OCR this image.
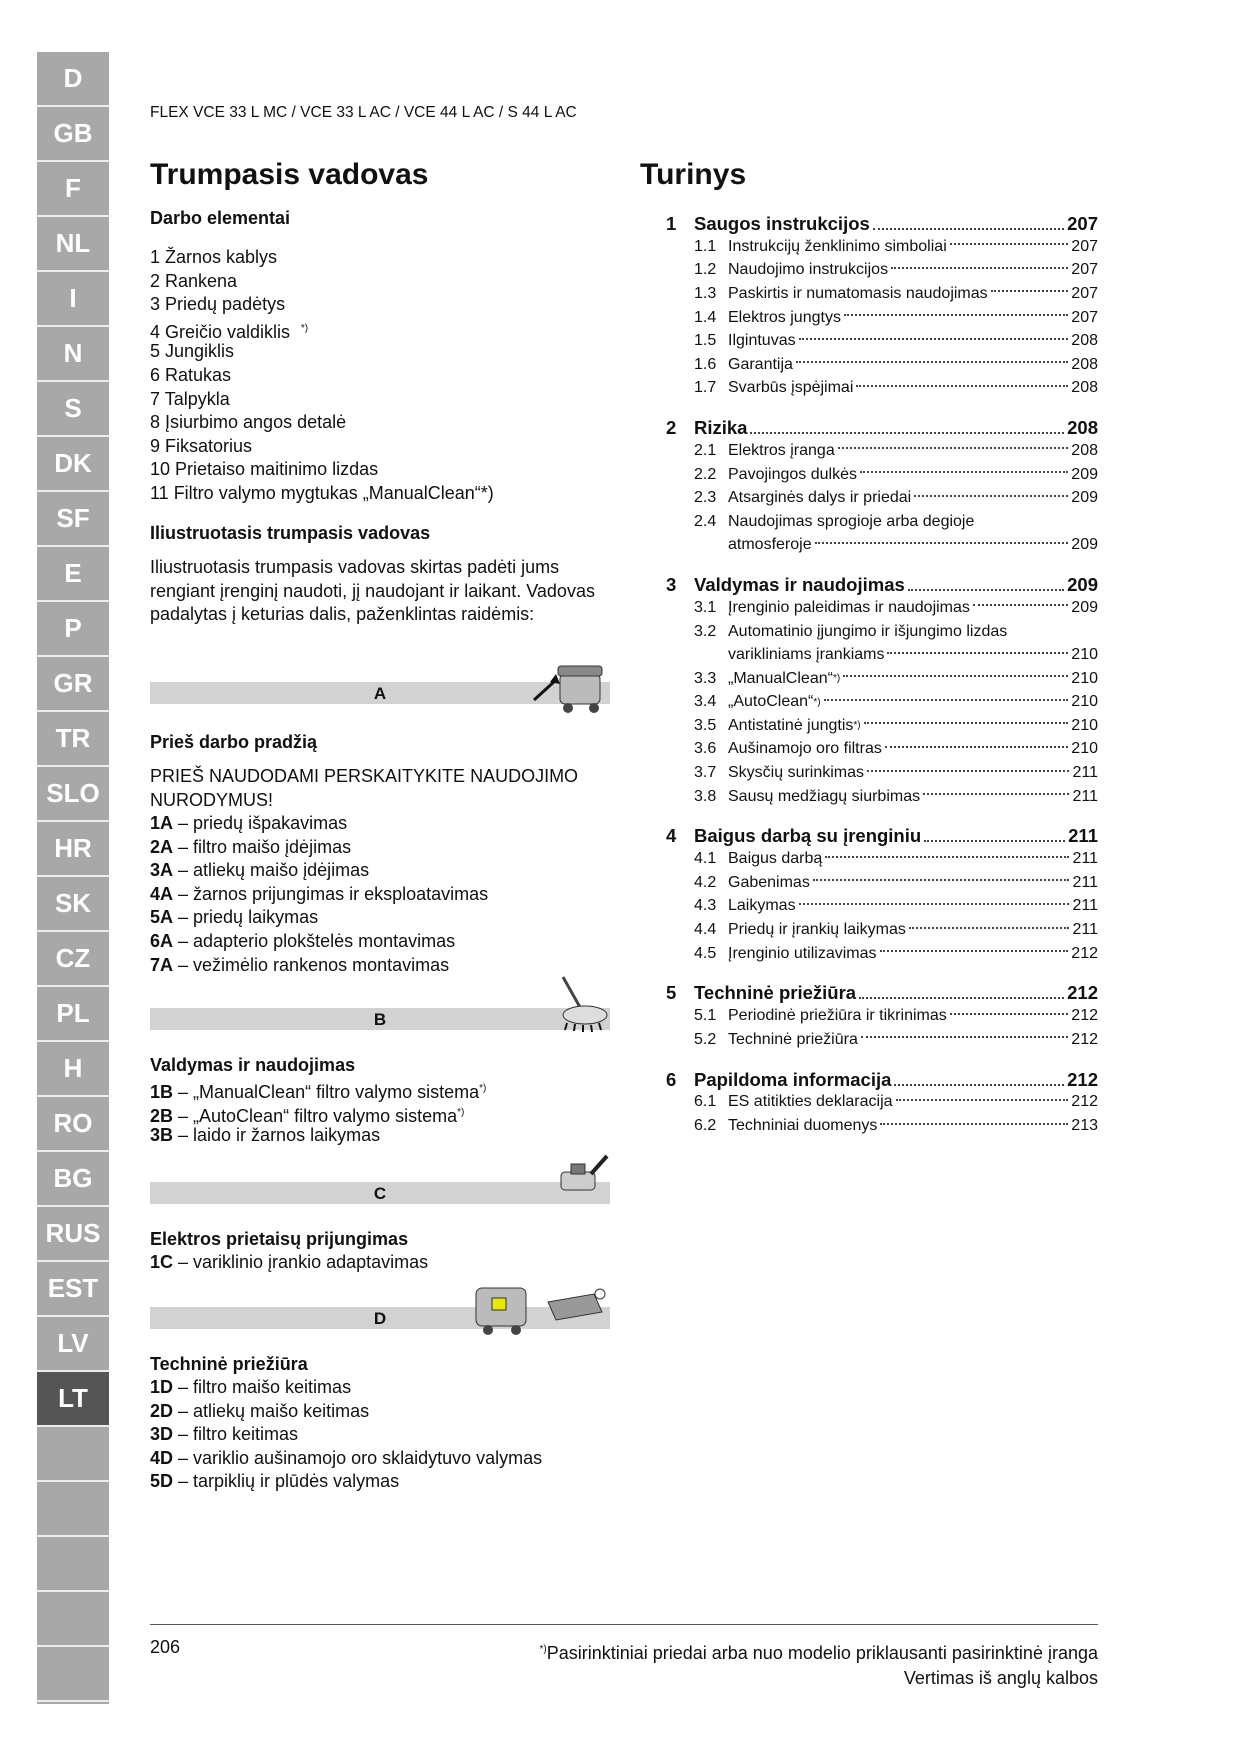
D
GB
F
NL
I
N
S
DK
SF
E
P
GR
TR
SLO
HR
SK
CZ
PL
H
RO
BG
RUS
EST
LV
LT
FLEX VCE 33 L MC / VCE 33 L AC / VCE 44 L AC / S 44 L AC
Trumpasis vadovas
Darbo elementai
1 Žarnos kablys
2 Rankena
3 Priedų padėtys
4 Greičio valdiklis *)
5 Jungiklis
6 Ratukas
7 Talpykla
8 Įsiurbimo angos detalė
9 Fiksatorius
10 Prietaiso maitinimo lizdas
11 Filtro valymo mygtukas „ManualClean“*)
Iliustruotasis trumpasis vadovas
Iliustruotasis trumpasis vadovas skirtas padėti jums rengiant įrenginį naudoti, jį naudojant ir laikant. Vadovas padalytas į keturias dalis, paženklintas raidėmis:
A
Prieš darbo pradžią
PRIEŠ NAUDODAMI PERSKAITYKITE NAUDOJIMO NURODYMUS!
1A – priedų išpakavimas
2A – filtro maišo įdėjimas
3A – atliekų maišo įdėjimas
4A – žarnos prijungimas ir eksploatavimas
5A – priedų laikymas
6A – adapterio plokštelės montavimas
7A – vežimėlio rankenos montavimas
B
Valdymas ir naudojimas
1B – „ManualClean“ filtro valymo sistema*)
2B – „AutoClean“ filtro valymo sistema*)
3B – laido ir žarnos laikymas
C
Elektros prietaisų prijungimas
1C – variklinio įrankio adaptavimas
D
Techninė priežiūra
1D – filtro maišo keitimas
2D – atliekų maišo keitimas
3D – filtro keitimas
4D – variklio aušinamojo oro sklaidytuvo valymas
5D – tarpiklių ir plūdės valymas
Turinys
1 Saugos instrukcijos	207
1.1 Instrukcijų ženklinimo simboliai	207
1.2 Naudojimo instrukcijos	207
1.3 Paskirtis ir numatomasis naudojimas	207
1.4 Elektros jungtys	207
1.5 Ilgintuvas	208
1.6 Garantija	208
1.7 Svarbūs įspėjimai	208
2 Rizika	208
2.1 Elektros įranga	208
2.2 Pavojingos dulkės	209
2.3 Atsarginės dalys ir priedai	209
2.4 Naudojimas sprogioje arba degioje
atmosferoje	209
3 Valdymas ir naudojimas	209
3.1 Įrenginio paleidimas ir naudojimas	209
3.2 Automatinio įjungimo ir išjungimo lizdas
varikliniams įrankiams	210
3.3 „ManualClean“ *)	210
3.4 „AutoClean“ *)	210
3.5 Antistatinė jungtis *)	210
3.6 Aušinamojo oro filtras	210
3.7 Skysčių surinkimas	211
3.8 Sausų medžiagų siurbimas	211
4 Baigus darbą su įrenginiu	211
4.1 Baigus darbą	211
4.2 Gabenimas	211
4.3 Laikymas	211
4.4 Priedų ir įrankių laikymas	211
4.5 Įrenginio utilizavimas	212
5 Techninė priežiūra	212
5.1 Periodinė priežiūra ir tikrinimas	212
5.2 Techninė priežiūra	212
6 Papildoma informacija	212
6.1 ES atitikties deklaracija	212
6.2 Techniniai duomenys	213
206	*)Pasirinktiniai priedai arba nuo modelio priklausanti pasirinktinė įranga
Vertimas iš anglų kalbos
